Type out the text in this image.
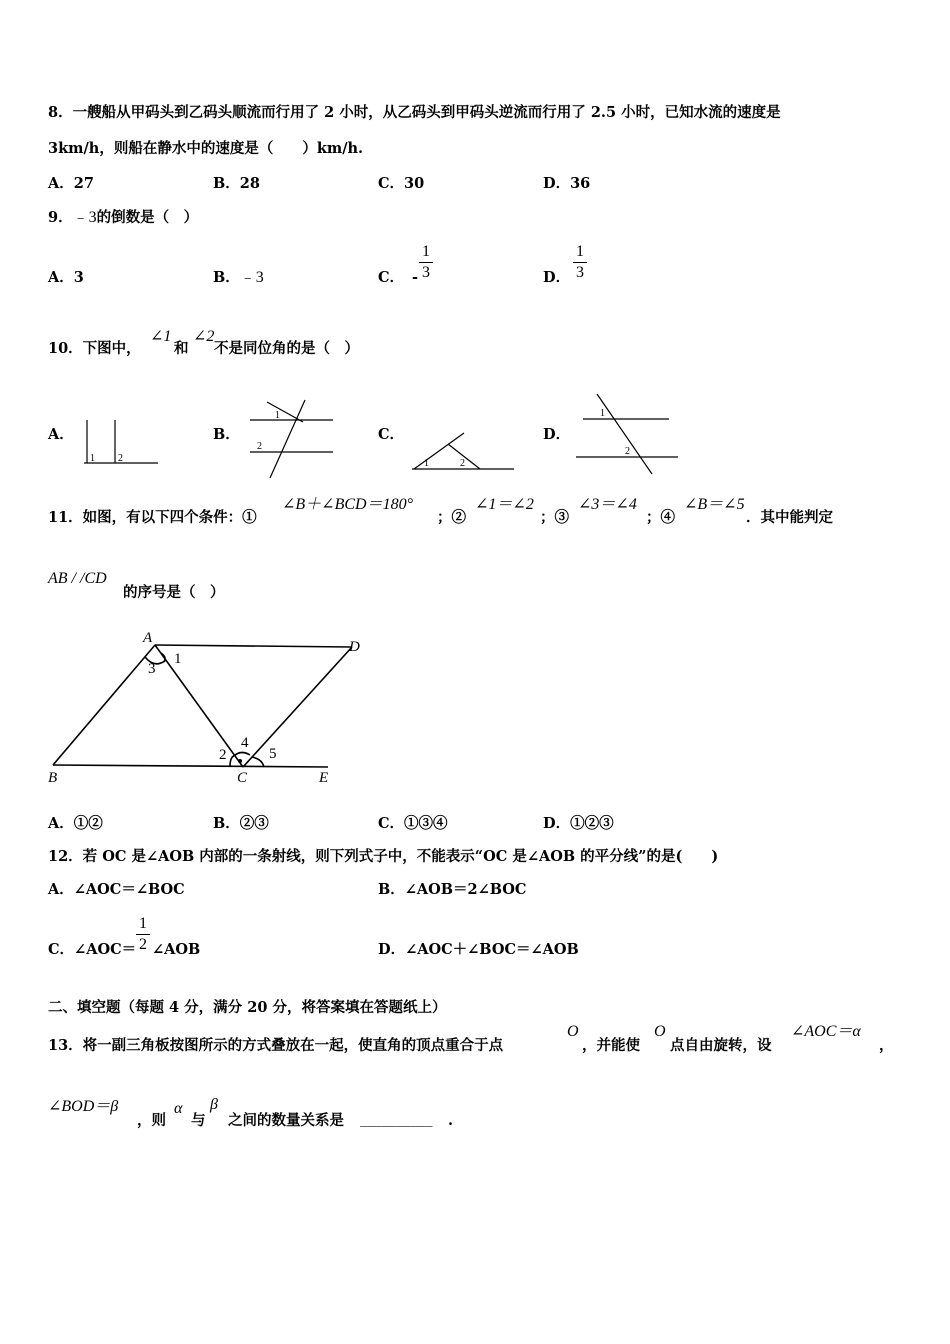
8．一艘船从甲码头到乙码头顺流而行用了 2 小时，从乙码头到甲码头逆流而行用了 2.5 小时，已知水流的速度是
3km/h，则船在静水中的速度是（　　）km/h.
A．27	B．28	C．30	D．36
9．﹣3的倒数是（　）
A．3	B．﹣3	C． -
1
3	D．
1
3
10．下图中，
∠1
和
∠2
不是同位角的是（　）
A．	B．	C．	D．
1 2
1
2
1	2
1
2
11．如图，有以下四个条件：①
∠B＋∠BCD＝180°
；②
∠1＝∠2
；③
∠3＝∠4
；④
∠B＝∠5
．其中能判定
AB / /CD
的序号是（　）
A
B	C
D
E
1
2
3
4
5
A．①②	B．②③	C．①③④	D．①②③
12．若 OC 是∠AOB 内部的一条射线，则下列式子中，不能表示“OC 是∠AOB 的平分线”的是(　　)
A．∠AOC＝∠BOC	B．∠AOB＝2∠BOC
C．∠AOC＝
1
2 ∠AOB	D．∠AOC＋∠BOC＝∠AOB
二、填空题（每题 4 分，满分 20 分，将答案填在答题纸上）
13．将一副三角板按图所示的方式叠放在一起，使直角的顶点重合于点
O
，并能使
O
点自由旋转，设
∠AOC＝α
，
∠BOD＝β
，则
α
与
β
之间的数量关系是 __________ .
